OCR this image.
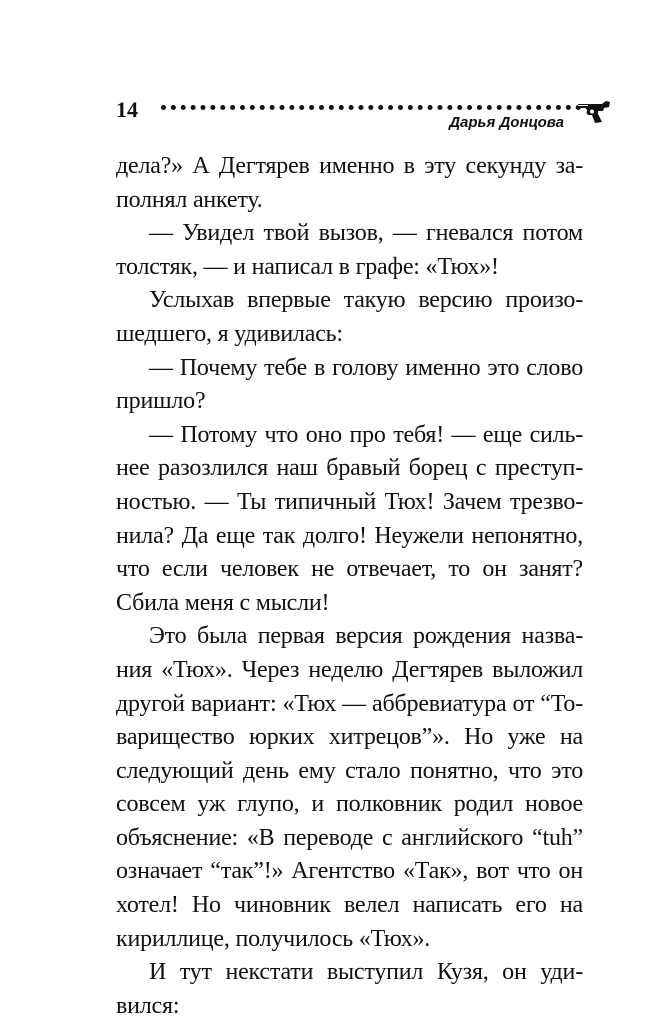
14
Дарья Донцова
дела?» А Дегтярев именно в эту секунду за-
полнял анкету.
— Увидел твой вызов, — гневался потом
толстяк, — и написал в графе: «Тюх»!
Услыхав впервые такую версию произо-
шедшего, я удивилась:
— Почему тебе в голову именно это слово
пришло?
— Потому что оно про тебя! — еще силь-
нее разозлился наш бравый борец с преступ-
ностью. — Ты типичный Тюх! Зачем трезво-
нила? Да еще так долго! Неужели непонятно,
что если человек не отвечает, то он занят?
Сбила меня с мысли!
Это была первая версия рождения назва-
ния «Тюх». Через неделю Дегтярев выложил
другой вариант: «Тюх — аббревиатура от “То-
варищество юрких хитрецов”». Но уже на
следующий день ему стало понятно, что это
совсем уж глупо, и полковник родил новое
объяснение: «В переводе с английского “tuh”
означает “так”!» Агентство «Так», вот что он
хотел! Но чиновник велел написать его на
кириллице, получилось «Тюх».
И тут некстати выступил Кузя, он уди-
вился:
